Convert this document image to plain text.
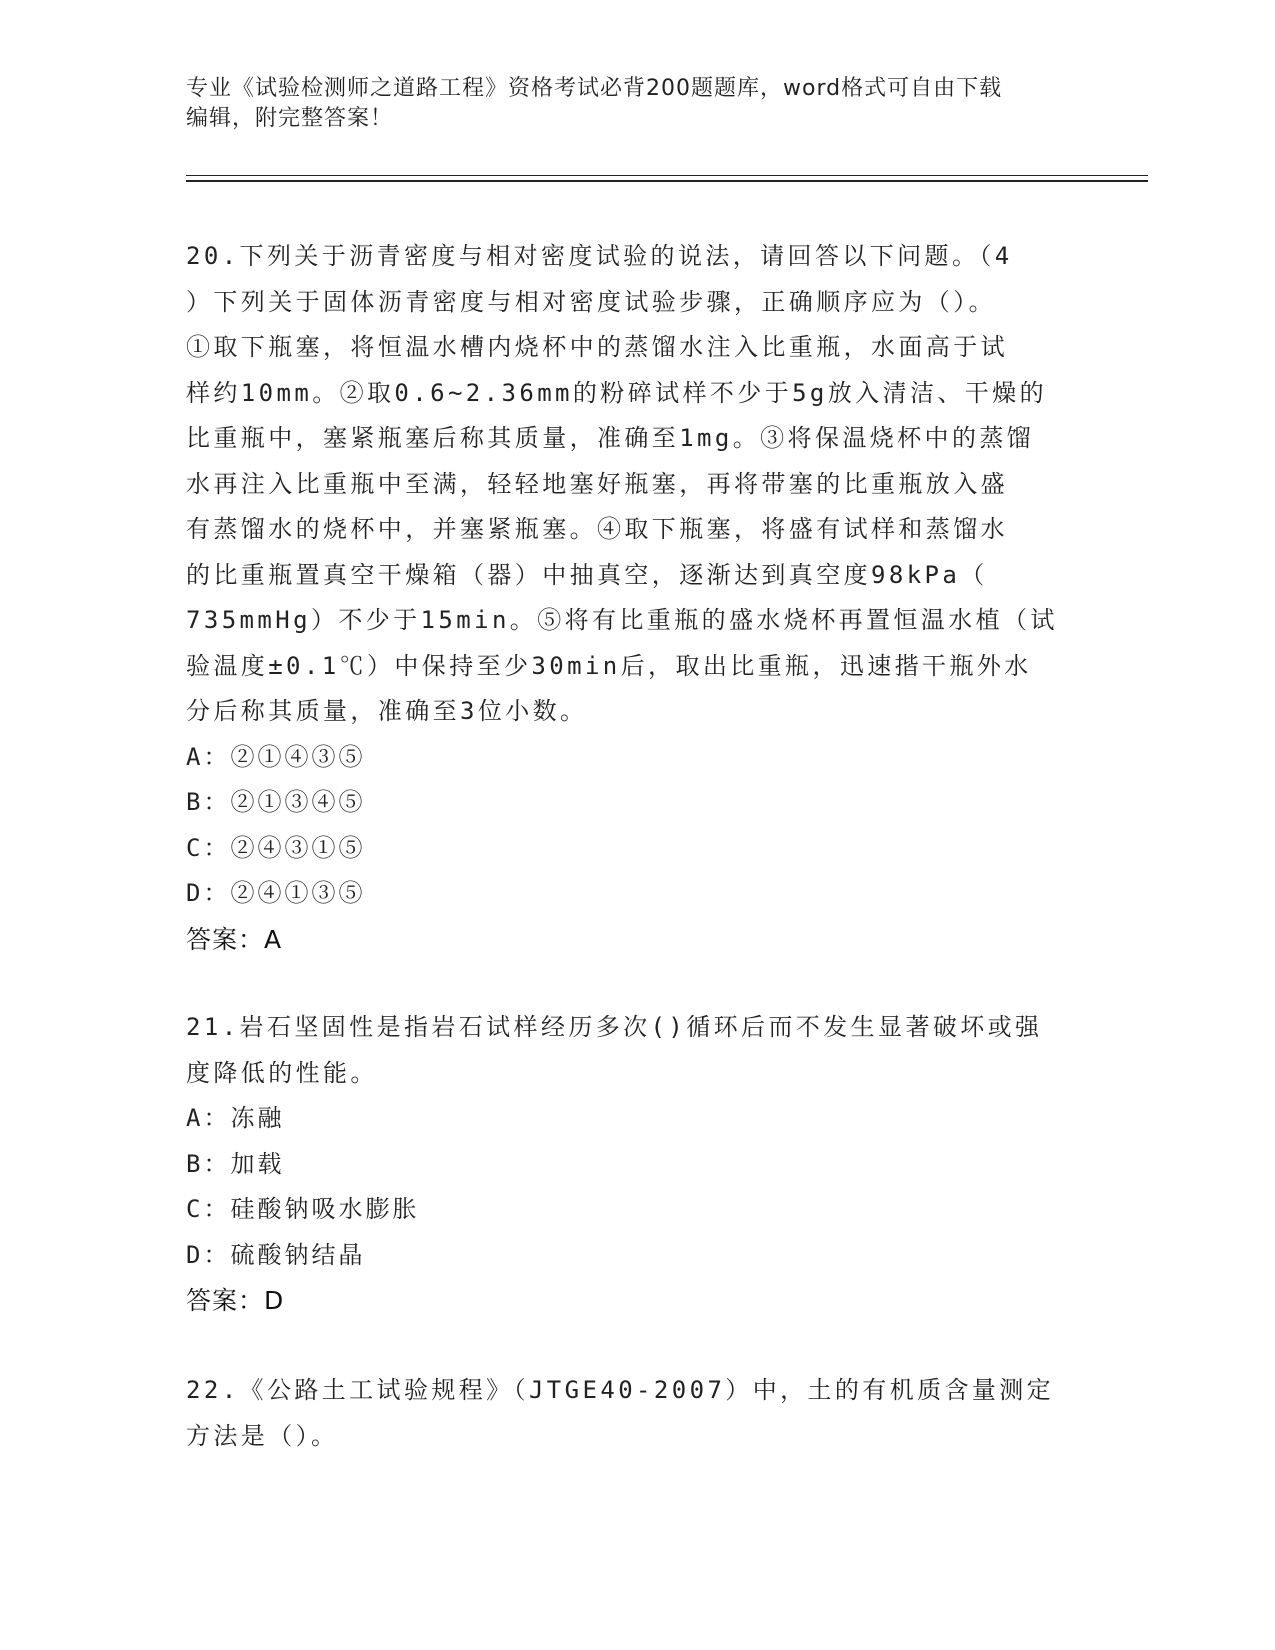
专业《试验检测师之道路工程》资格考试必背200题题库，word格式可自由下载
编辑，附完整答案！
20.下列关于沥青密度与相对密度试验的说法，请回答以下问题。（4
）下列关于固体沥青密度与相对密度试验步骤，正确顺序应为（）。
①取下瓶塞，将恒温水槽内烧杯中的蒸馏水注入比重瓶，水面高于试
样约10mm。②取0.6~2.36mm的粉碎试样不少于5g放入清洁、干燥的
比重瓶中，塞紧瓶塞后称其质量，准确至1mg。③将保温烧杯中的蒸馏
水再注入比重瓶中至满，轻轻地塞好瓶塞，再将带塞的比重瓶放入盛
有蒸馏水的烧杯中，并塞紧瓶塞。④取下瓶塞，将盛有试样和蒸馏水
的比重瓶置真空干燥箱（器）中抽真空，逐渐达到真空度98kPa（
735mmHg）不少于15min。⑤将有比重瓶的盛水烧杯再置恒温水植（试
验温度±0.1℃）中保持至少30min后，取出比重瓶，迅速揩干瓶外水
分后称其质量，准确至3位小数。
A：②①④③⑤
B：②①③④⑤
C：②④③①⑤
D：②④①③⑤
答案：A
21.岩石坚固性是指岩石试样经历多次()循环后而不发生显著破坏或强
度降低的性能。
A：冻融
B：加载
C：硅酸钠吸水膨胀
D：硫酸钠结晶
答案：D
22.《公路土工试验规程》（JTGE40-2007）中，土的有机质含量测定
方法是（）。
